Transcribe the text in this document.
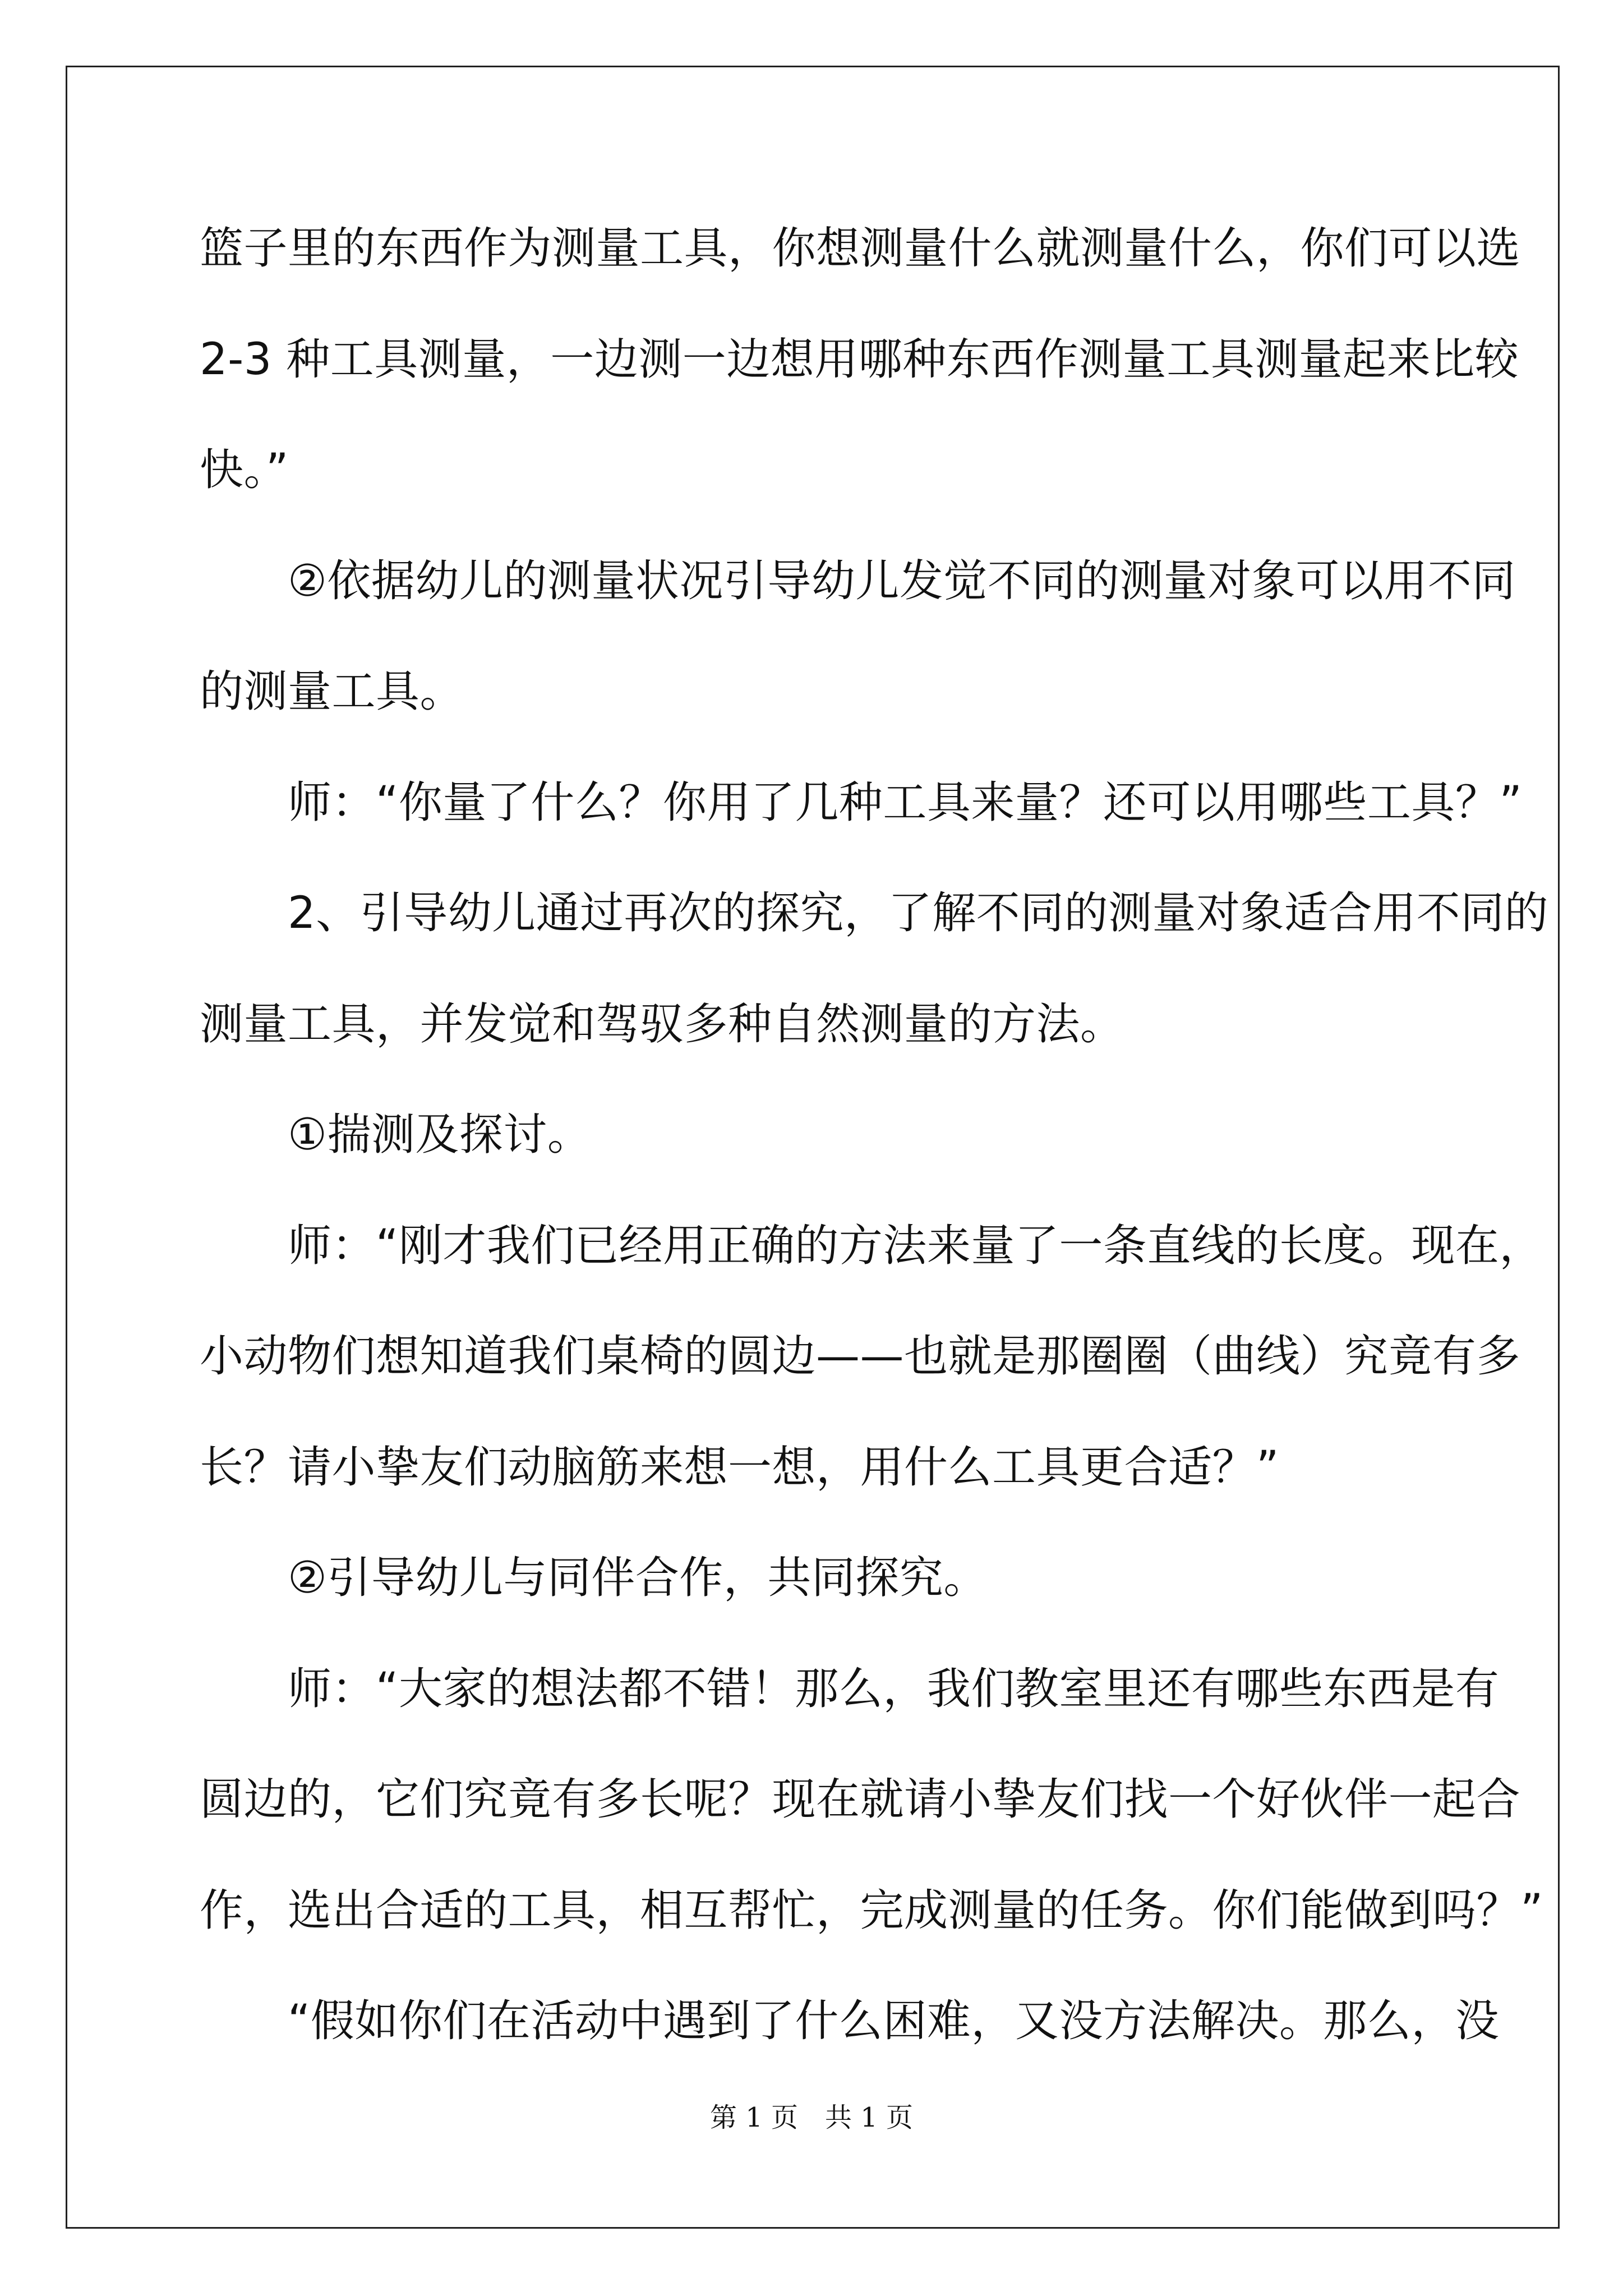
篮子里的东西作为测量工具，你想测量什么就测量什么，你们可以选
2-3 种工具测量，一边测一边想用哪种东西作测量工具测量起来比较
快。”
　　②依据幼儿的测量状况引导幼儿发觉不同的测量对象可以用不同
的测量工具。
　　师：“你量了什么？你用了几种工具来量？还可以用哪些工具？”
　　2、引导幼儿通过再次的探究，了解不同的测量对象适合用不同的
测量工具，并发觉和驾驭多种自然测量的方法。
　　①揣测及探讨。
　　师：“刚才我们已经用正确的方法来量了一条直线的长度。现在，
小动物们想知道我们桌椅的圆边——也就是那圈圈（曲线）究竟有多
长？请小挚友们动脑筋来想一想，用什么工具更合适？”
　　②引导幼儿与同伴合作，共同探究。
　　师：“大家的想法都不错！那么，我们教室里还有哪些东西是有
圆边的，它们究竟有多长呢？现在就请小挚友们找一个好伙伴一起合
作，选出合适的工具，相互帮忙，完成测量的任务。你们能做到吗？”
　　“假如你们在活动中遇到了什么困难，又没方法解决。那么，没
第 1 页　共 1 页
